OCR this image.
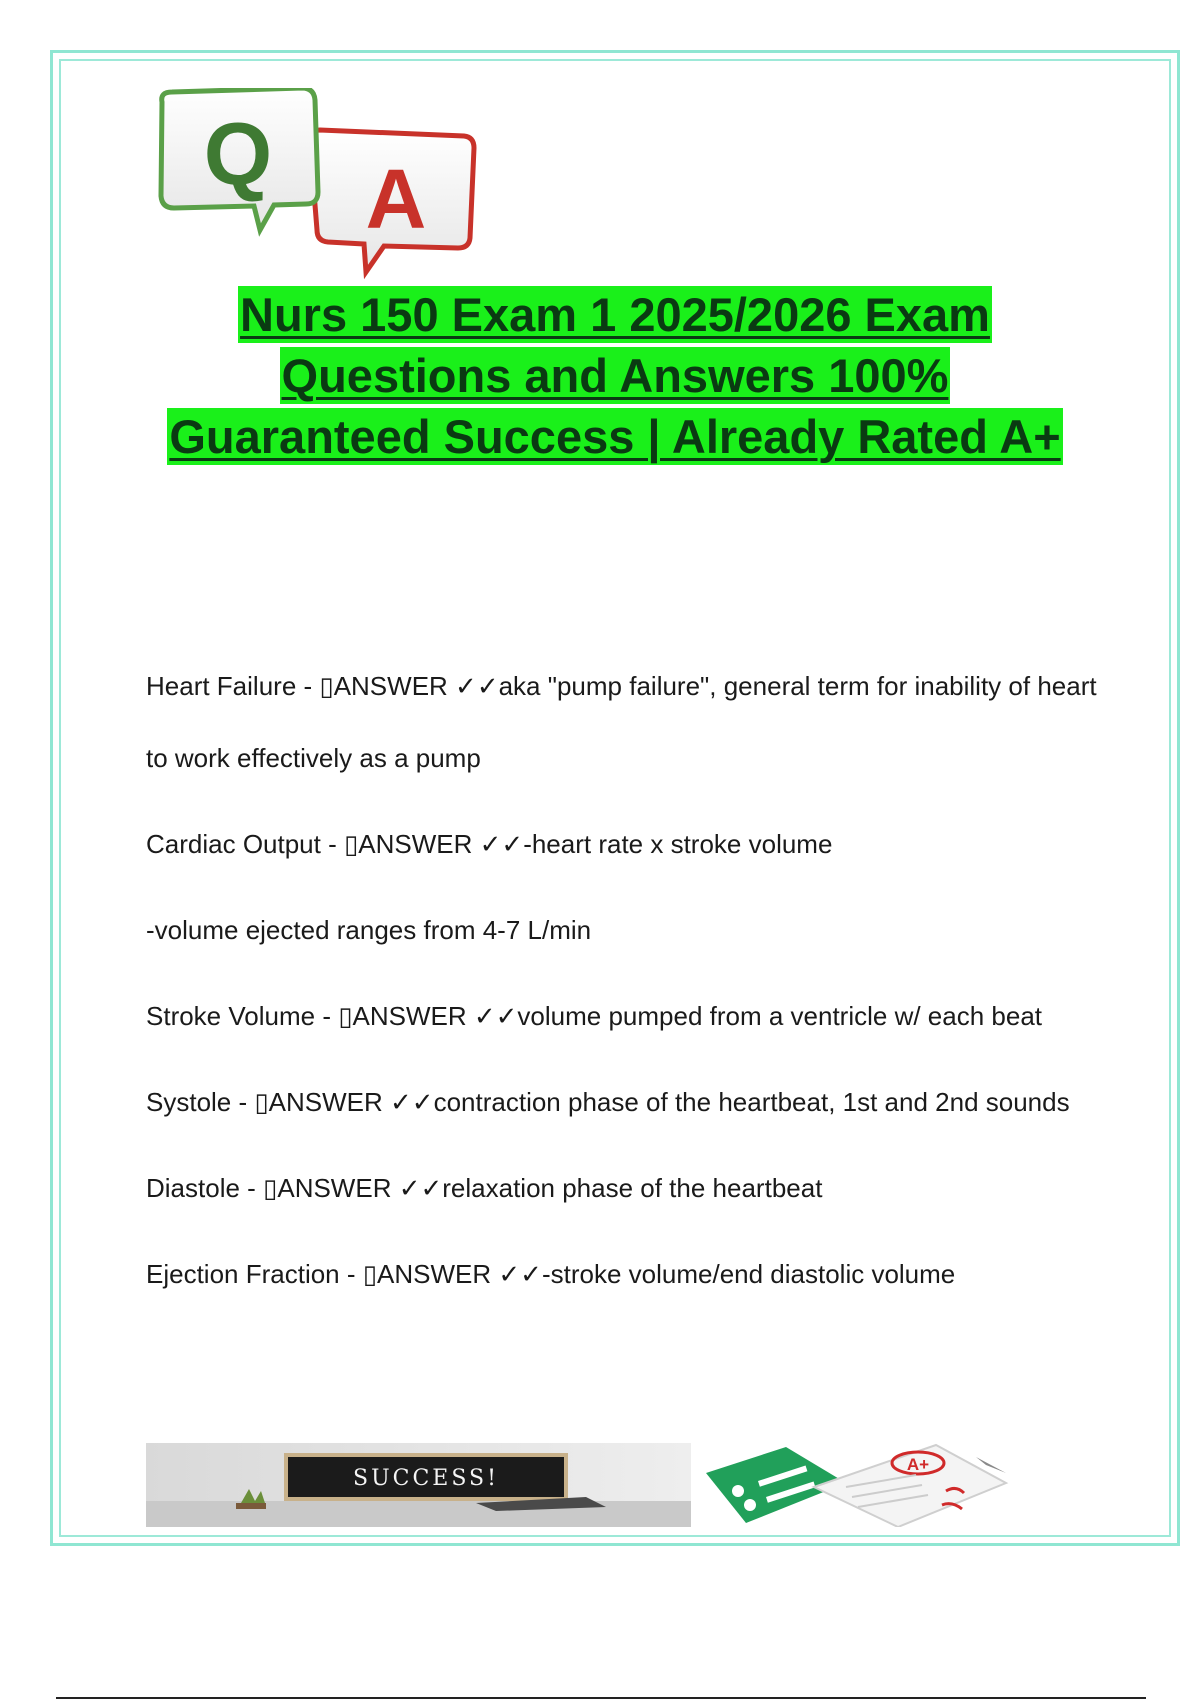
A
Q
Nurs 150 Exam 1 2025/2026 Exam
Questions and Answers 100%
Guaranteed Success | Already Rated A+

Heart Failure - ▯ANSWER ✓✓aka "pump failure", general term for inability of heart to work effectively as a pump

Cardiac Output - ▯ANSWER ✓✓-heart rate x stroke volume

-volume ejected ranges from 4-7 L/min

Stroke Volume - ▯ANSWER ✓✓volume pumped from a ventricle w/ each beat

Systole - ▯ANSWER ✓✓contraction phase of the heartbeat, 1st and 2nd sounds

Diastole - ▯ANSWER ✓✓relaxation phase of the heartbeat

Ejection Fraction - ▯ANSWER ✓✓-stroke volume/end diastolic volume

SUCCESS!
A+
